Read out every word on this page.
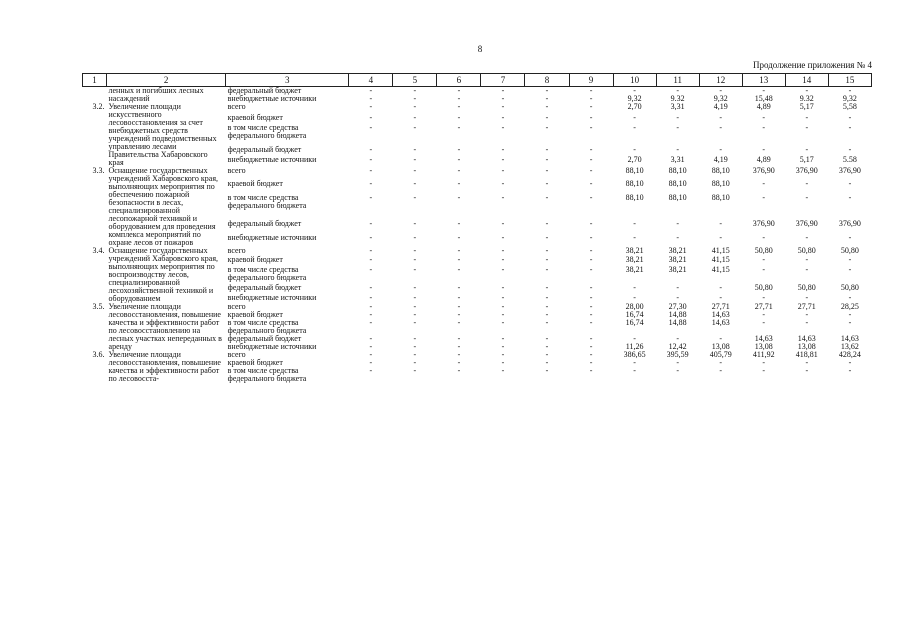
8
Продолжение приложения № 4
1	2	3	4	5	6	7	8	9	10	11	12	13	14	15
	ленных и погибших лесных насаждений	федеральный бюджет	-	-	-	-	-	-	-	-	-	-	-	-
		внебюджетные источники	-	-	-	-	-	-	9,32	9.32	9,32	15,48	9.32	9,32
3.2.	Увеличение площади искусственного лесовосстановления за счет внебюджетных средств учреждений подведомственных управлению лесами Правительства Хабаровского края	всего	-	-	-	-	-	-	2,70	3,31	4,19	4,89	5,17	5,58
		краевой бюджет	-	-	-	-	-	-	-	-	-	-	-	-
		в том числе средства федерального бюджета	-	-	-	-	-	-	-	-	-	-	-	-
		федеральный бюджет	-	-	-	-	-	-	-	-	-	-	-	-
		внебюджетные источники	-	-	-	-	-	-	2,70	3,31	4,19	4,89	5,17	5.58
3.3.	Оснащение государственных учреждений Хабаровского края, выполняющих мероприятия по обеспечению пожарной безопасности в лесах, специализированной лесопожарной техникой и оборудованием для проведения комплекса мероприятий по охране лесов от пожаров	всего	-	-	-	-	-	-	88,10	88,10	88,10	376,90	376,90	376,90
		краевой бюджет	-	-	-	-	-	-	88,10	88,10	88,10	-	-	-
		в том числе средства федерального бюджета	-	-	-	-	-	-	88,10	88,10	88,10	-	-	-
		федеральный бюджет	-	-	-	-	-	-	-	-	-	376,90	376,90	376,90
		внебюджетные источники	-	-	-	-	-	-	-	-	-	-	-	-
3.4.	Оснащение государственных учреждений Хабаровского края, выполняющих мероприятия по воспроизводству лесов, специализированной лесохозяйственной техникой и оборудованием	всего	-	-	-	-	-	-	38,21	38,21	41,15	50,80	50,80	50,80
		краевой бюджет	-	-	-	-	-	-	38,21	38,21	41,15	-	-	-
		в том числе средства федерального бюджета	-	-	-	-	-	-	38,21	38,21	41,15	-	-	-
		федеральный бюджет	-	-	-	-	-	-	-	-	-	50,80	50,80	50,80
		внебюджетные источники	-	-	-	-	-	-	-	-	-	-	-	-
3.5.	Увеличение площади лесовосстановления, повышение качества и эффективности работ по лесовосстановлению на лесных участках непереданных в аренду	всего	-	-	-	-	-	-	28,00	27,30	27,71	27,71	27,71	28,25
		краевой бюджет	-	-	-	-	-	-	16,74	14,88	14,63	-	-	-
		в том числе средства федерального бюджета	-	-	-	-	-	-	16,74	14,88	14,63	-	-	-
		федеральный бюджет	-	-	-	-	-	-	-	-	-	14,63	14,63	14,63
		внебюджетные источники	-	-	-	-	-	-	11,26	12,42	13,08	13,08	13,08	13,62
3.6.	Увеличение площади лесовосстановления, повышение качества и эффективности работ по лесовосста-	всего	-	-	-	-	-	-	386,65	395,59	405,79	411,92	418,81	428,24
		краевой бюджет	-	-	-	-	-	-	-	-	-	-	-	-
		в том числе средства федерального бюджета	-	-	-	-	-	-	-	-	-	-	-	-
